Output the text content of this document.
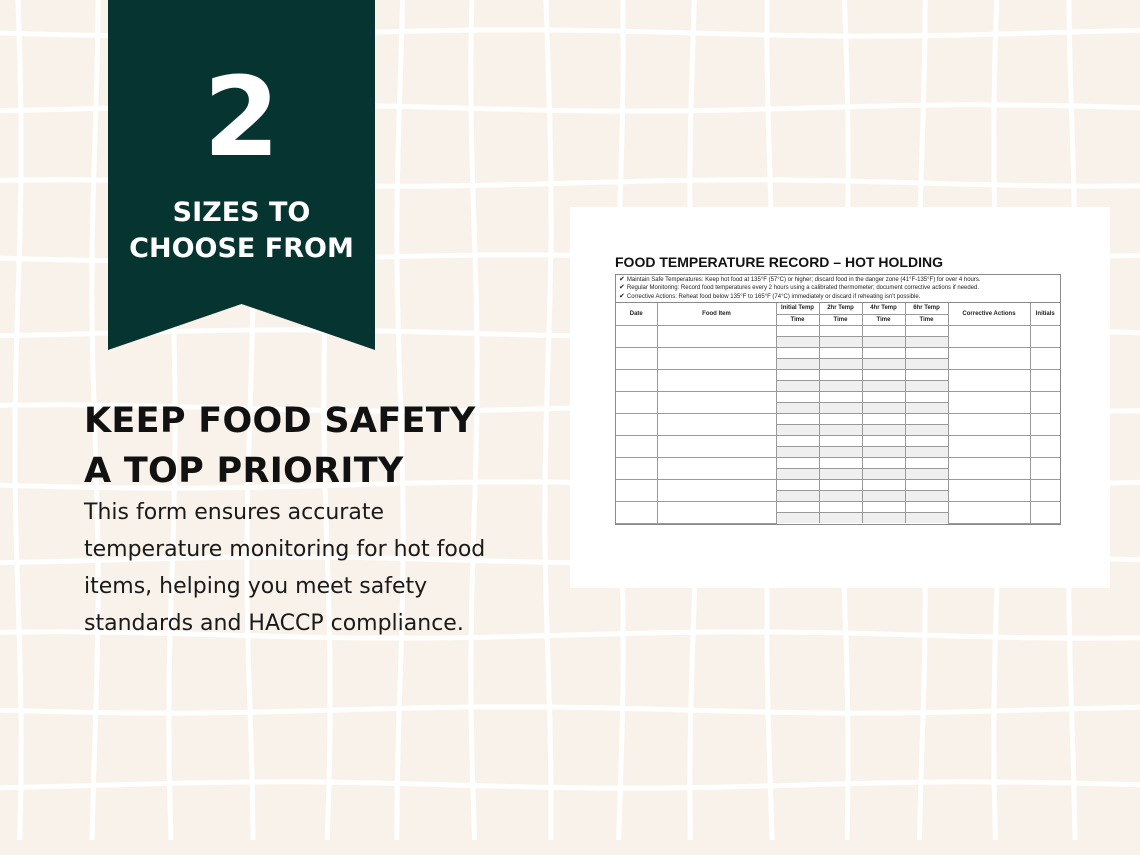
2
SIZES TO
CHOOSE FROM
KEEP FOOD SAFETY
A TOP PRIORITY
This form ensures accurate
temperature monitoring for hot food
items, helping you meet safety
standards and HACCP compliance.
FOOD TEMPERATURE RECORD – HOT HOLDING
✔ Maintain Safe Temperatures: Keep hot food at 135°F (57°C) or higher; discard food in the danger zone (41°F-135°F) for over 4 hours.
✔ Regular Monitoring: Record food temperatures every 2 hours using a calibrated thermometer; document corrective actions if needed.
✔ Corrective Actions: Reheat food below 135°F to 165°F (74°C) immediately or discard if reheating isn't possible.
Date	Food Item	Initial Temp	2hr Temp	4hr Temp	6hr Temp	Corrective Actions	Initials
		Time	Time	Time	Time		
